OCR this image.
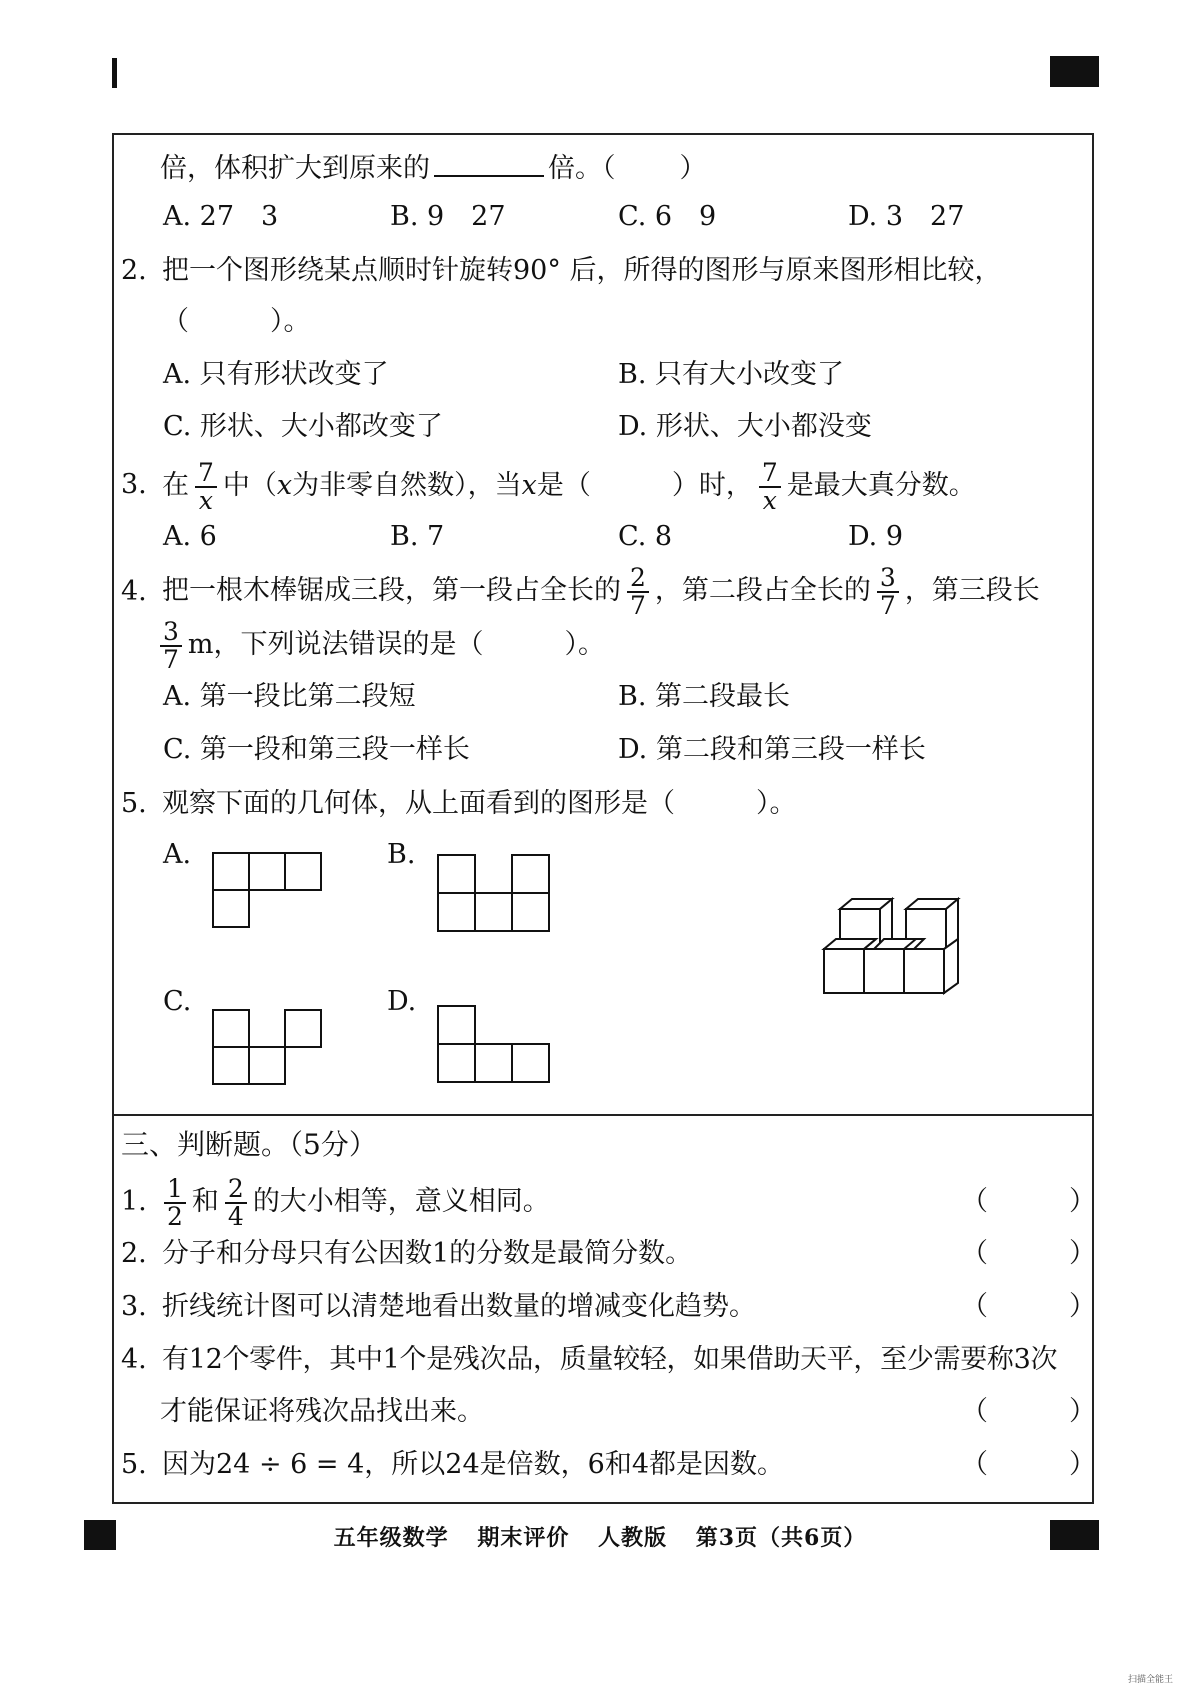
倍，体积扩大到原来的	倍。（ ）
A. 27　3	B. 9　27	C. 6　9	D. 3　27
2. 把一个图形绕某点顺时针旋转90° 后，所得的图形与原来图形相比较，
（　　　）。
A. 只有形状改变了	B. 只有大小改变了
C. 形状、大小都改变了	D. 形状、大小都没变
3. 在 $\frac{7}{x}$ 中（x为非零自然数），当x是（　　　）时， $\frac{7}{x}$ 是最大真分数。
A. 6	B. 7	C. 8	D. 9
4. 把一根木棒锯成三段，第一段占全长的 $\frac{2}{7}$ ，第二段占全长的 $\frac{3}{7}$ ，第三段长
$\frac{3}{7}$ m，下列说法错误的是（　　　）。
A. 第一段比第二段短	B. 第二段最长
C. 第一段和第三段一样长	D. 第二段和第三段一样长
5. 观察下面的几何体，从上面看到的图形是（　　　）。
A.	B.
C.	D.
三、判断题。（5分）
1. $\frac{1}{2}$ 和 $\frac{2}{4}$ 的大小相等，意义相同。	（　　　）
2. 分子和分母只有公因数1的分数是最简分数。	（　　　）
3. 折线统计图可以清楚地看出数量的增减变化趋势。	（　　　）
4. 有12个零件，其中1个是残次品，质量较轻，如果借助天平，至少需要称3次
才能保证将残次品找出来。	（　　　）
5. 因为24 ÷ 6 = 4，所以24是倍数，6和4都是因数。	（　　　）
五年级数学 期末评价 人教版 第3页（共6页）
扫描全能王
